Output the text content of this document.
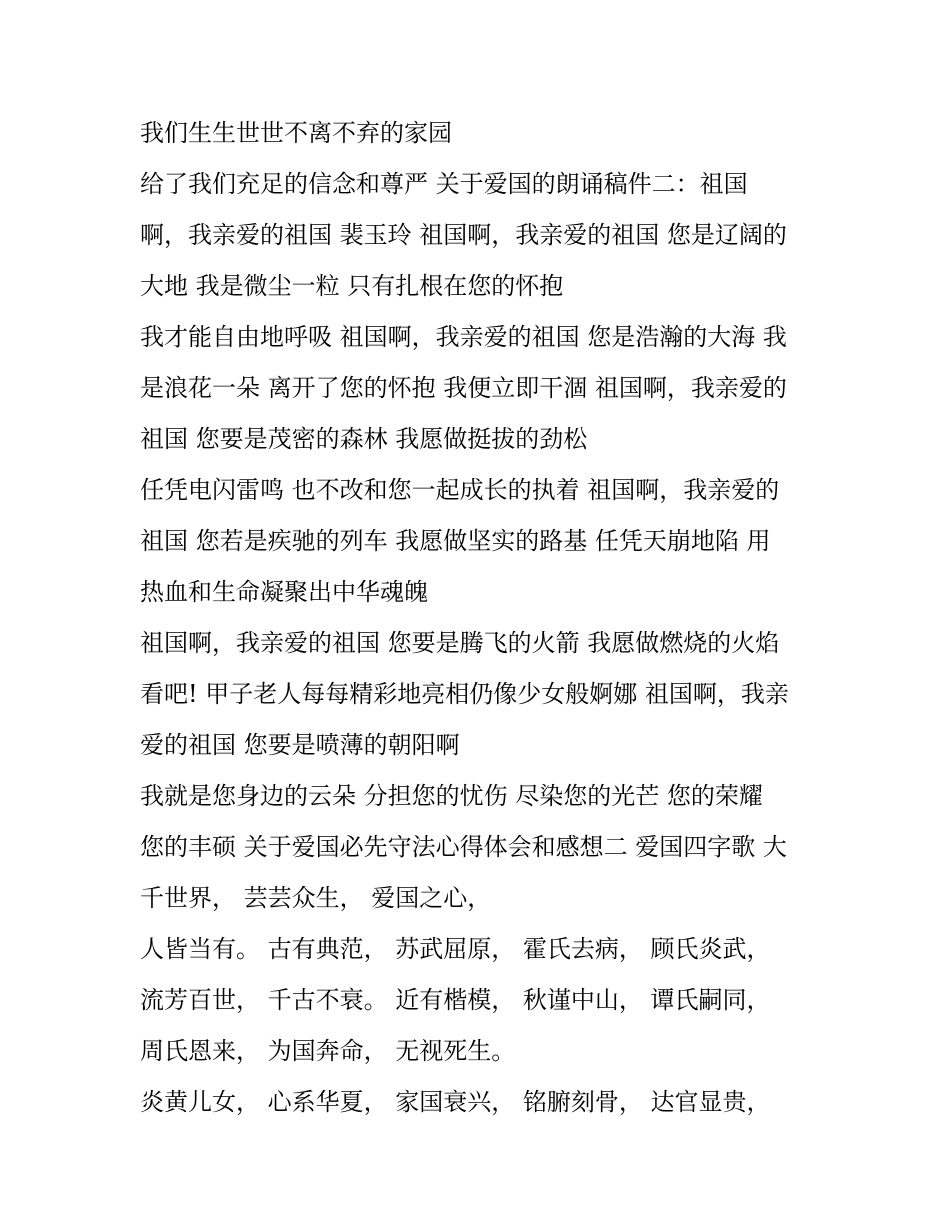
我们生生世世不离不弃的家园
给了我们充足的信念和尊严 关于爱国的朗诵稿件二：祖国
啊，我亲爱的祖国 裴玉玲 祖国啊，我亲爱的祖国 您是辽阔的
大地 我是微尘一粒 只有扎根在您的怀抱
我才能自由地呼吸 祖国啊，我亲爱的祖国 您是浩瀚的大海 我
是浪花一朵 离开了您的怀抱 我便立即干涸 祖国啊，我亲爱的
祖国 您要是茂密的森林 我愿做挺拔的劲松
任凭电闪雷鸣 也不改和您一起成长的执着 祖国啊，我亲爱的
祖国 您若是疾驰的列车 我愿做坚实的路基 任凭天崩地陷 用
热血和生命凝聚出中华魂魄
祖国啊，我亲爱的祖国 您要是腾飞的火箭 我愿做燃烧的火焰
看吧! 甲子老人每每精彩地亮相仍像少女般婀娜 祖国啊，我亲
爱的祖国 您要是喷薄的朝阳啊
我就是您身边的云朵 分担您的忧伤 尽染您的光芒 您的荣耀
您的丰硕 关于爱国必先守法心得体会和感想二 爱国四字歌 大
千世界， 芸芸众生， 爱国之心，
人皆当有。 古有典范， 苏武屈原， 霍氏去病， 顾氏炎武，
流芳百世， 千古不衰。 近有楷模， 秋谨中山， 谭氏嗣同，
周氏恩来， 为国奔命， 无视死生。
炎黄儿女， 心系华夏， 家国衰兴， 铭腑刻骨， 达官显贵，
